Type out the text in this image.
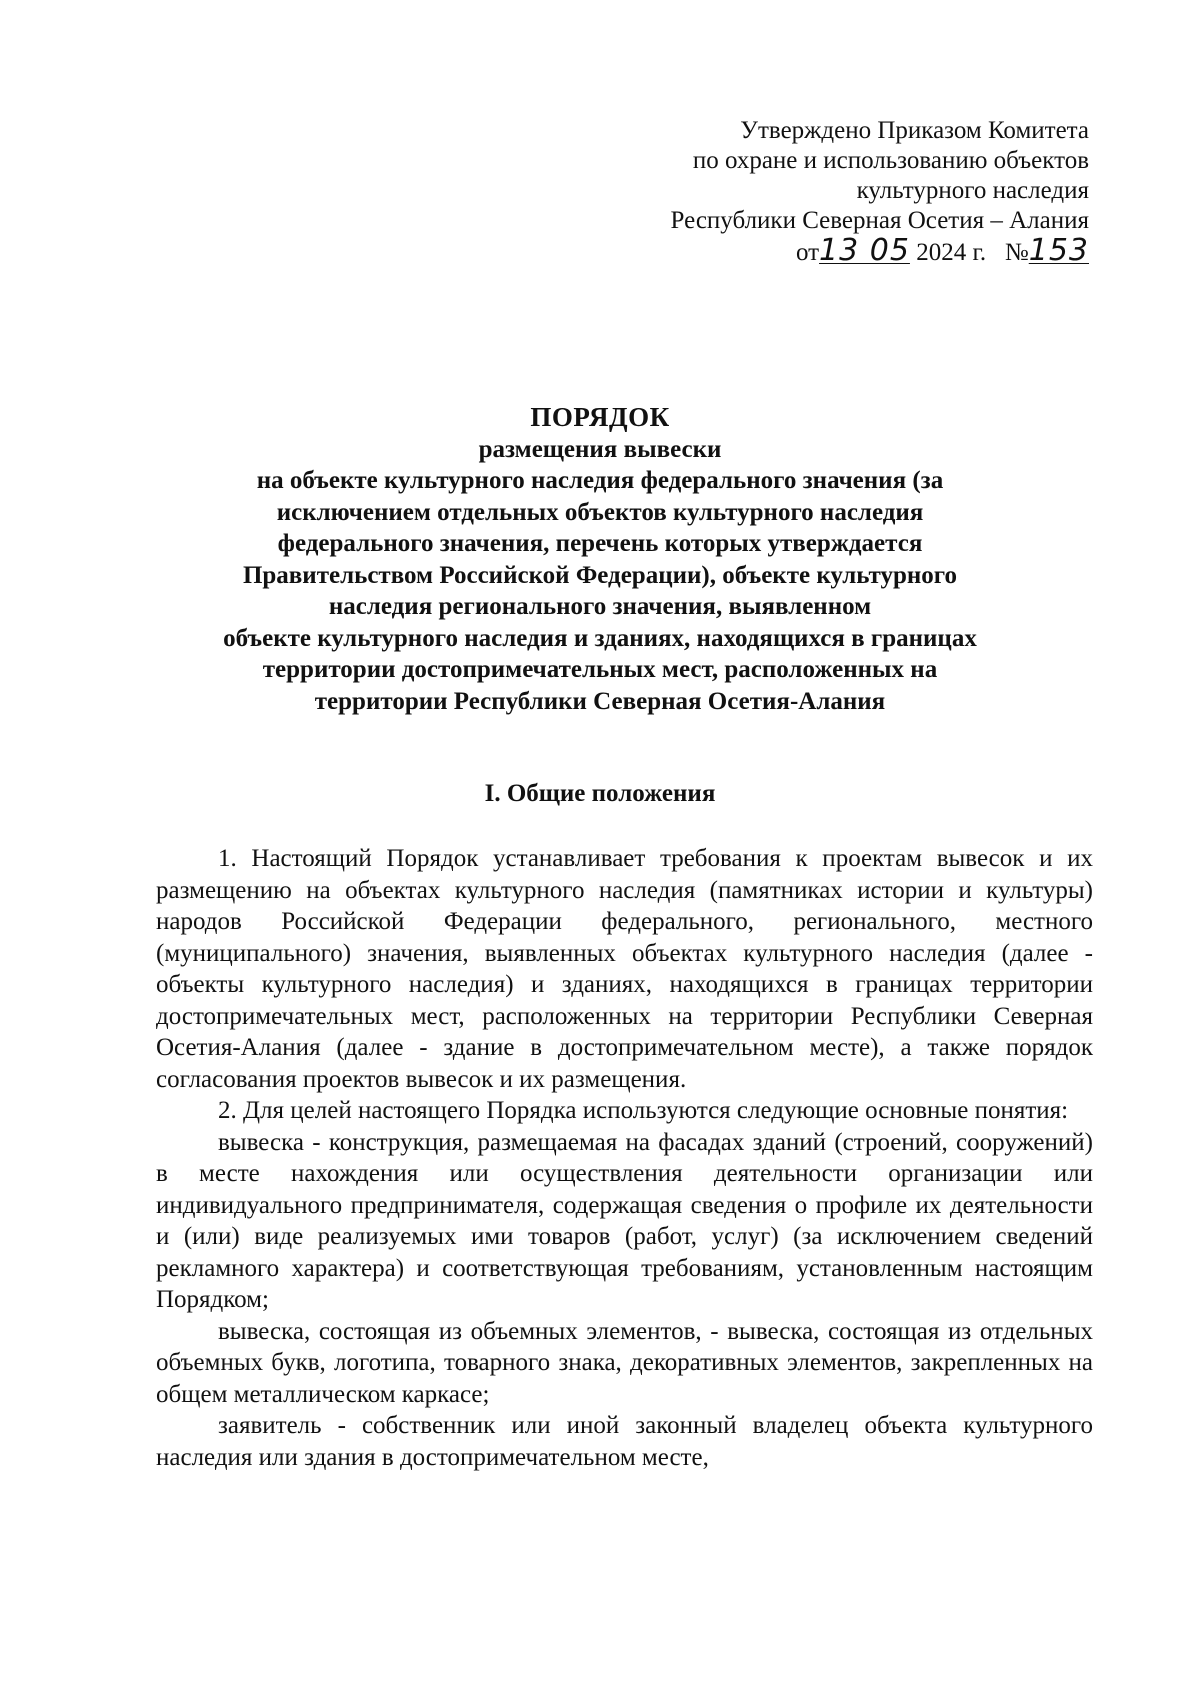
Утверждено Приказом Комитета
по охране и использованию объектов
культурного наследия
Республики Северная Осетия – Алания
от13 05 2024 г. №153
ПОРЯДОК
размещения вывески
на объекте культурного наследия федерального значения (за
исключением отдельных объектов культурного наследия
федерального значения, перечень которых утверждается
Правительством Российской Федерации), объекте культурного
наследия регионального значения, выявленном
объекте культурного наследия и зданиях, находящихся в границах
территории достопримечательных мест, расположенных на
территории Республики Северная Осетия-Алания
I. Общие положения

1. Настоящий Порядок устанавливает требования к проектам вывесок и их размещению на объектах культурного наследия (памятниках истории и культуры) народов Российской Федерации федерального, регионального, местного (муниципального) значения, выявленных объектах культурного наследия (далее - объекты культурного наследия) и зданиях, находящихся в границах территории достопримечательных мест, расположенных на территории Республики Северная Осетия-Алания (далее - здание в достопримечательном месте), а также порядок согласования проектов вывесок и их размещения.

2. Для целей настоящего Порядка используются следующие основные понятия:

вывеска - конструкция, размещаемая на фасадах зданий (строений, сооружений) в месте нахождения или осуществления деятельности организации или индивидуального предпринимателя, содержащая сведения о профиле их деятельности и (или) виде реализуемых ими товаров (работ, услуг) (за исключением сведений рекламного характера) и соответствующая требованиям, установленным настоящим Порядком;

вывеска, состоящая из объемных элементов, - вывеска, состоящая из отдельных объемных букв, логотипа, товарного знака, декоративных элементов, закрепленных на общем металлическом каркасе;

заявитель - собственник или иной законный владелец объекта культурного наследия или здания в достопримечательном месте,
